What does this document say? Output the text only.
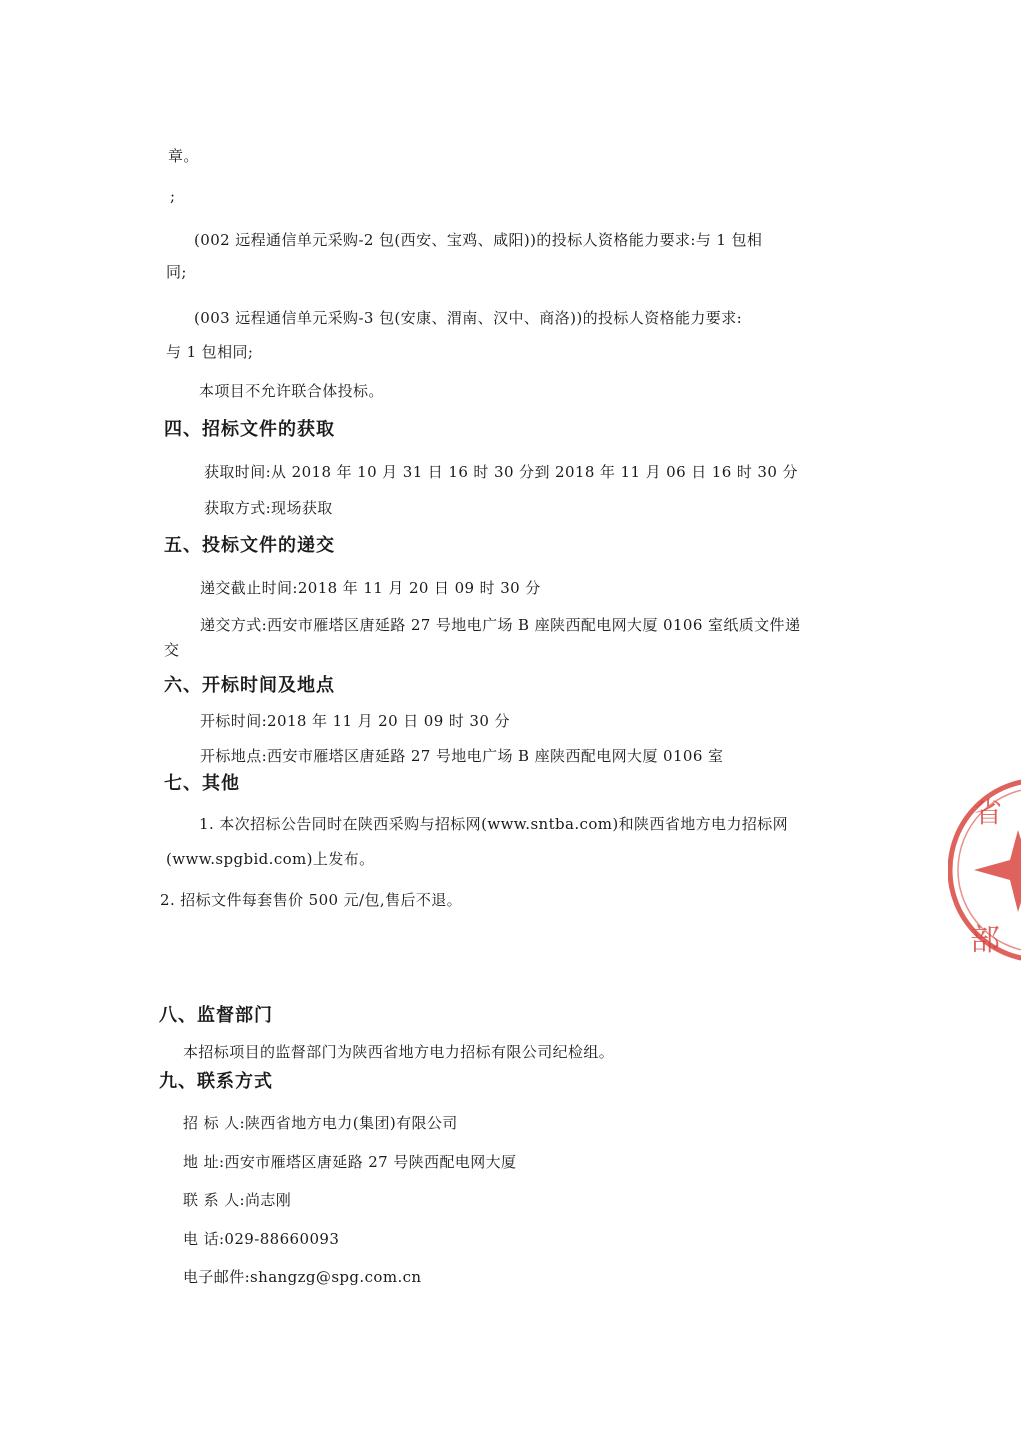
章。
;
(002 远程通信单元采购-2 包(西安、宝鸡、咸阳))的投标人资格能力要求:与 1 包相
同;
(003 远程通信单元采购-3 包(安康、渭南、汉中、商洛))的投标人资格能力要求:
与 1 包相同;
本项目不允许联合体投标。
四、招标文件的获取
获取时间:从 2018 年 10 月 31 日 16 时 30 分到 2018 年 11 月 06 日 16 时 30 分
获取方式:现场获取
五、投标文件的递交
递交截止时间:2018 年 11 月 20 日 09 时 30 分
递交方式:西安市雁塔区唐延路 27 号地电广场 B 座陕西配电网大厦 0106 室纸质文件递
交
六、开标时间及地点
开标时间:2018 年 11 月 20 日 09 时 30 分
开标地点:西安市雁塔区唐延路 27 号地电广场 B 座陕西配电网大厦 0106 室
七、其他
1. 本次招标公告同时在陕西采购与招标网(www.sntba.com)和陕西省地方电力招标网
(www.spgbid.com)上发布。
2. 招标文件每套售价 500 元/包,售后不退。
八、监督部门
本招标项目的监督部门为陕西省地方电力招标有限公司纪检组。
九、联系方式
招 标 人:陕西省地方电力(集团)有限公司
地 址:西安市雁塔区唐延路 27 号陕西配电网大厦
联 系 人:尚志刚
电 话:029-88660093
电子邮件:shangzg@spg.com.cn
省
部
